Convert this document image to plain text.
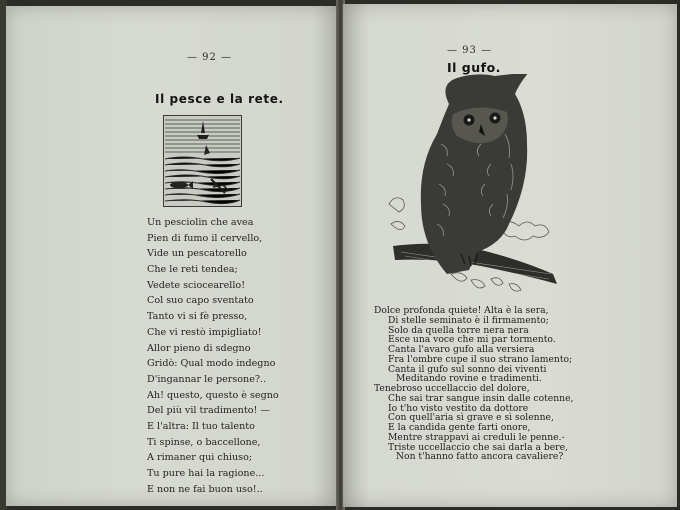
— 92 —
Il pesce e la rete.
Un pesciolin che avea
Pien di fumo il cervello,
Vide un pescatorello
Che le reti tendea;
Vedete sciocearello!
Col suo capo sventato
Tanto vi si fè presso,
Che vi restò impigliato!
Allor pieno di sdegno
Gridò: Qual modo indegno
D'ingannar le persone?..
Ah! questo, questo è segno
Del più vil tradimento! —
E l'altra: Il tuo talento
Ti spinse, o baccellone,
A rimaner qui chiuso;
Tu pure hai la ragione...
E non ne fai buon uso!..
— 93 —
Il gufo.
Dolce profonda quiete! Alta è la sera,
Di stelle seminato è il firmamento;
Solo da quella torre nera nera
Esce una voce che mi par tormento.
Canta l'avaro gufo alla versiera
Fra l'ombre cupe il suo strano lamento;
Canta il gufo sul sonno dei viventi
Meditando rovine e tradimenti.
Tenebroso uccellaccio del dolore,
Che sai trar sangue insin dalle cotenne,
Io t'ho visto vestito da dottore
Con quell'aria sì grave e sì solenne,
E la candida gente farti onore,
Mentre strappavi ai creduli le penne.-
Triste uccellaccio che sai darla a bere,
Non t'hanno fatto ancora cavaliere?
